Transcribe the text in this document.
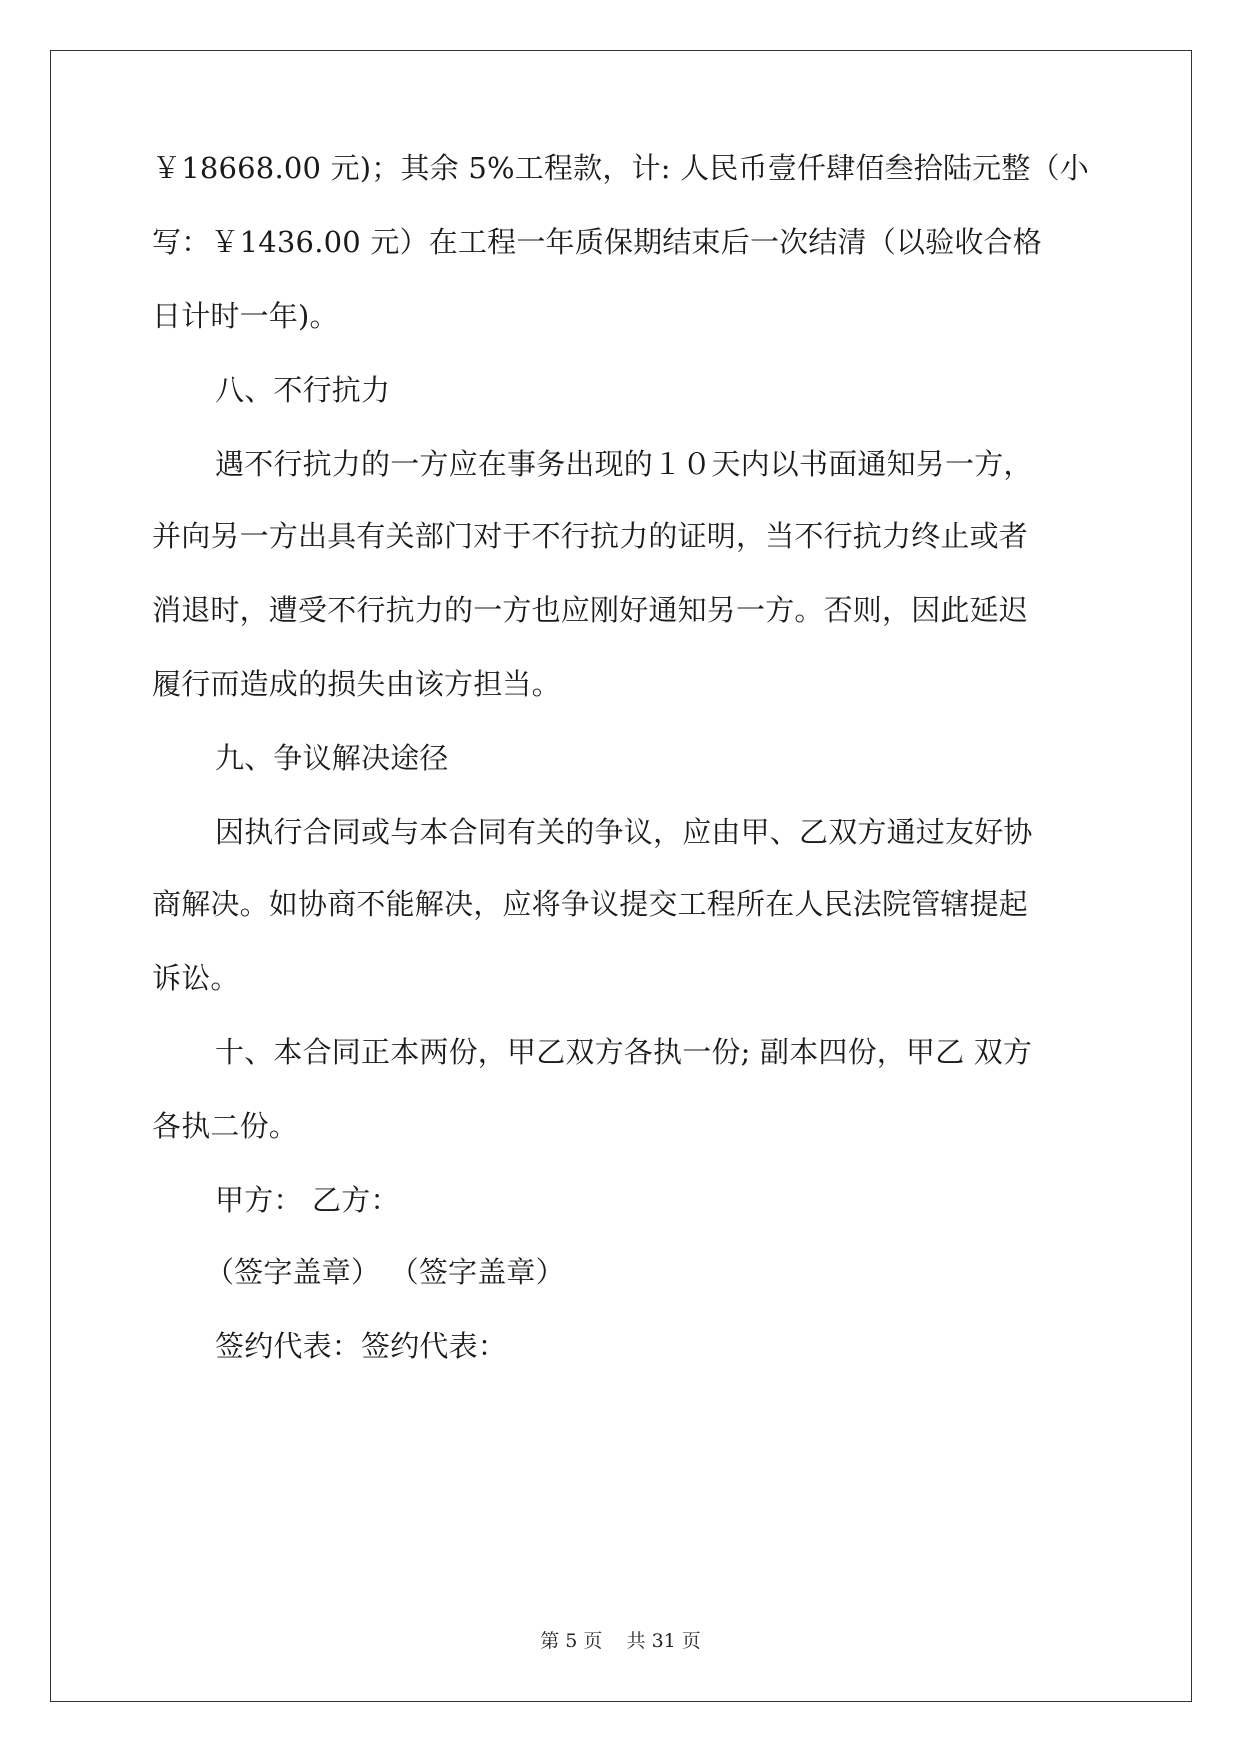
￥18668.00 元)；其余 5%工程款，计: 人民币壹仟肆佰叁拾陆元整（小
写：￥1436.00 元）在工程一年质保期结束后一次结清（以验收合格
日计时一年)。
八、不行抗力
遇不行抗力的一方应在事务出现的１０天内以书面通知另一方，
并向另一方出具有关部门对于不行抗力的证明，当不行抗力终止或者
消退时，遭受不行抗力的一方也应刚好通知另一方。否则，因此延迟
履行而造成的损失由该方担当。
九、争议解决途径
因执行合同或与本合同有关的争议，应由甲、乙双方通过友好协
商解决。如协商不能解决，应将争议提交工程所在人民法院管辖提起
诉讼。
十、本合同正本两份，甲乙双方各执一份; 副本四份，甲乙 双方
各执二份。
甲方： 乙方：
（签字盖章） （签字盖章）
签约代表：签约代表：
第 5 页 共 31 页
